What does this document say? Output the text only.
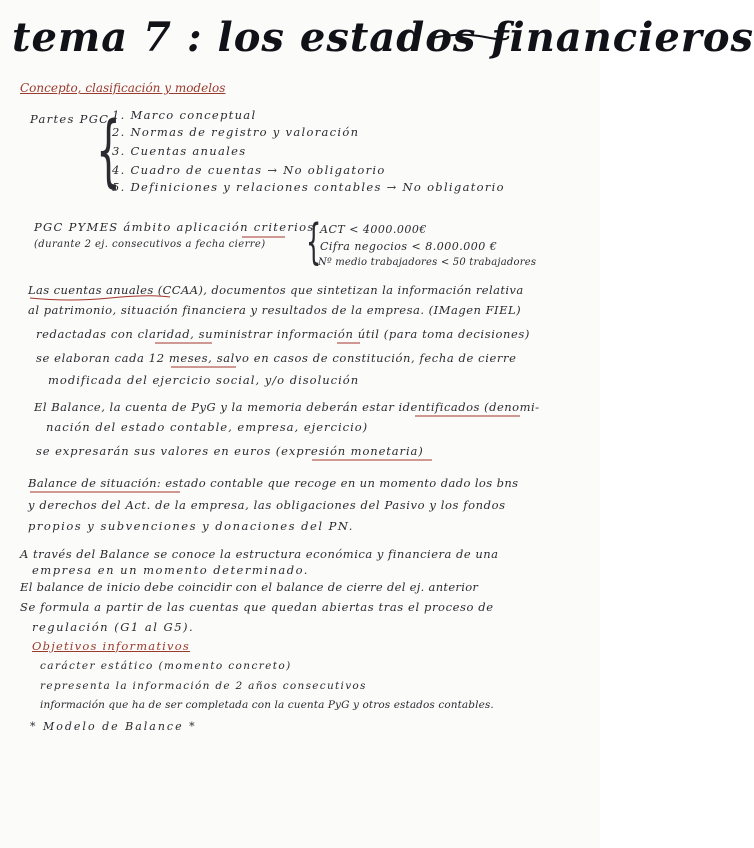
tema 7 : los estados financieros
Concepto, clasificación y modelos
Partes PGC
{
1. Marco conceptual
2. Normas de registro y valoración
3. Cuentas anuales
4. Cuadro de cuentas → No obligatorio
5. Definiciones y relaciones contables → No obligatorio
PGC PYMES ámbito aplicación criterios
(durante 2 ej. consecutivos a fecha cierre) {
ACT < 4000.000€
Cifra negocios < 8.000.000 €
Nº medio trabajadores < 50 trabajadores
Las cuentas anuales (CCAA), documentos que sintetizan la información relativa
al patrimonio, situación financiera y resultados de la empresa. (IMagen FIEL)
redactadas con claridad, suministrar información útil (para toma decisiones)
se elaboran cada 12 meses, salvo en casos de constitución, fecha de cierre
modificada del ejercicio social, y/o disolución
El Balance, la cuenta de PyG y la memoria deberán estar identificados (denomi-
nación del estado contable, empresa, ejercicio)
se expresarán sus valores en euros (expresión monetaria)
Balance de situación: estado contable que recoge en un momento dado los bns
y derechos del Act. de la empresa, las obligaciones del Pasivo y los fondos
propios y subvenciones y donaciones del PN.
A través del Balance se conoce la estructura económica y financiera de una
empresa en un momento determinado.
El balance de inicio debe coincidir con el balance de cierre del ej. anterior
Se formula a partir de las cuentas que quedan abiertas tras el proceso de
regulación (G1 al G5).
Objetivos informativos
carácter estático (momento concreto)
representa la información de 2 años consecutivos
información que ha de ser completada con la cuenta PyG y otros estados contables.
* Modelo de Balance *
